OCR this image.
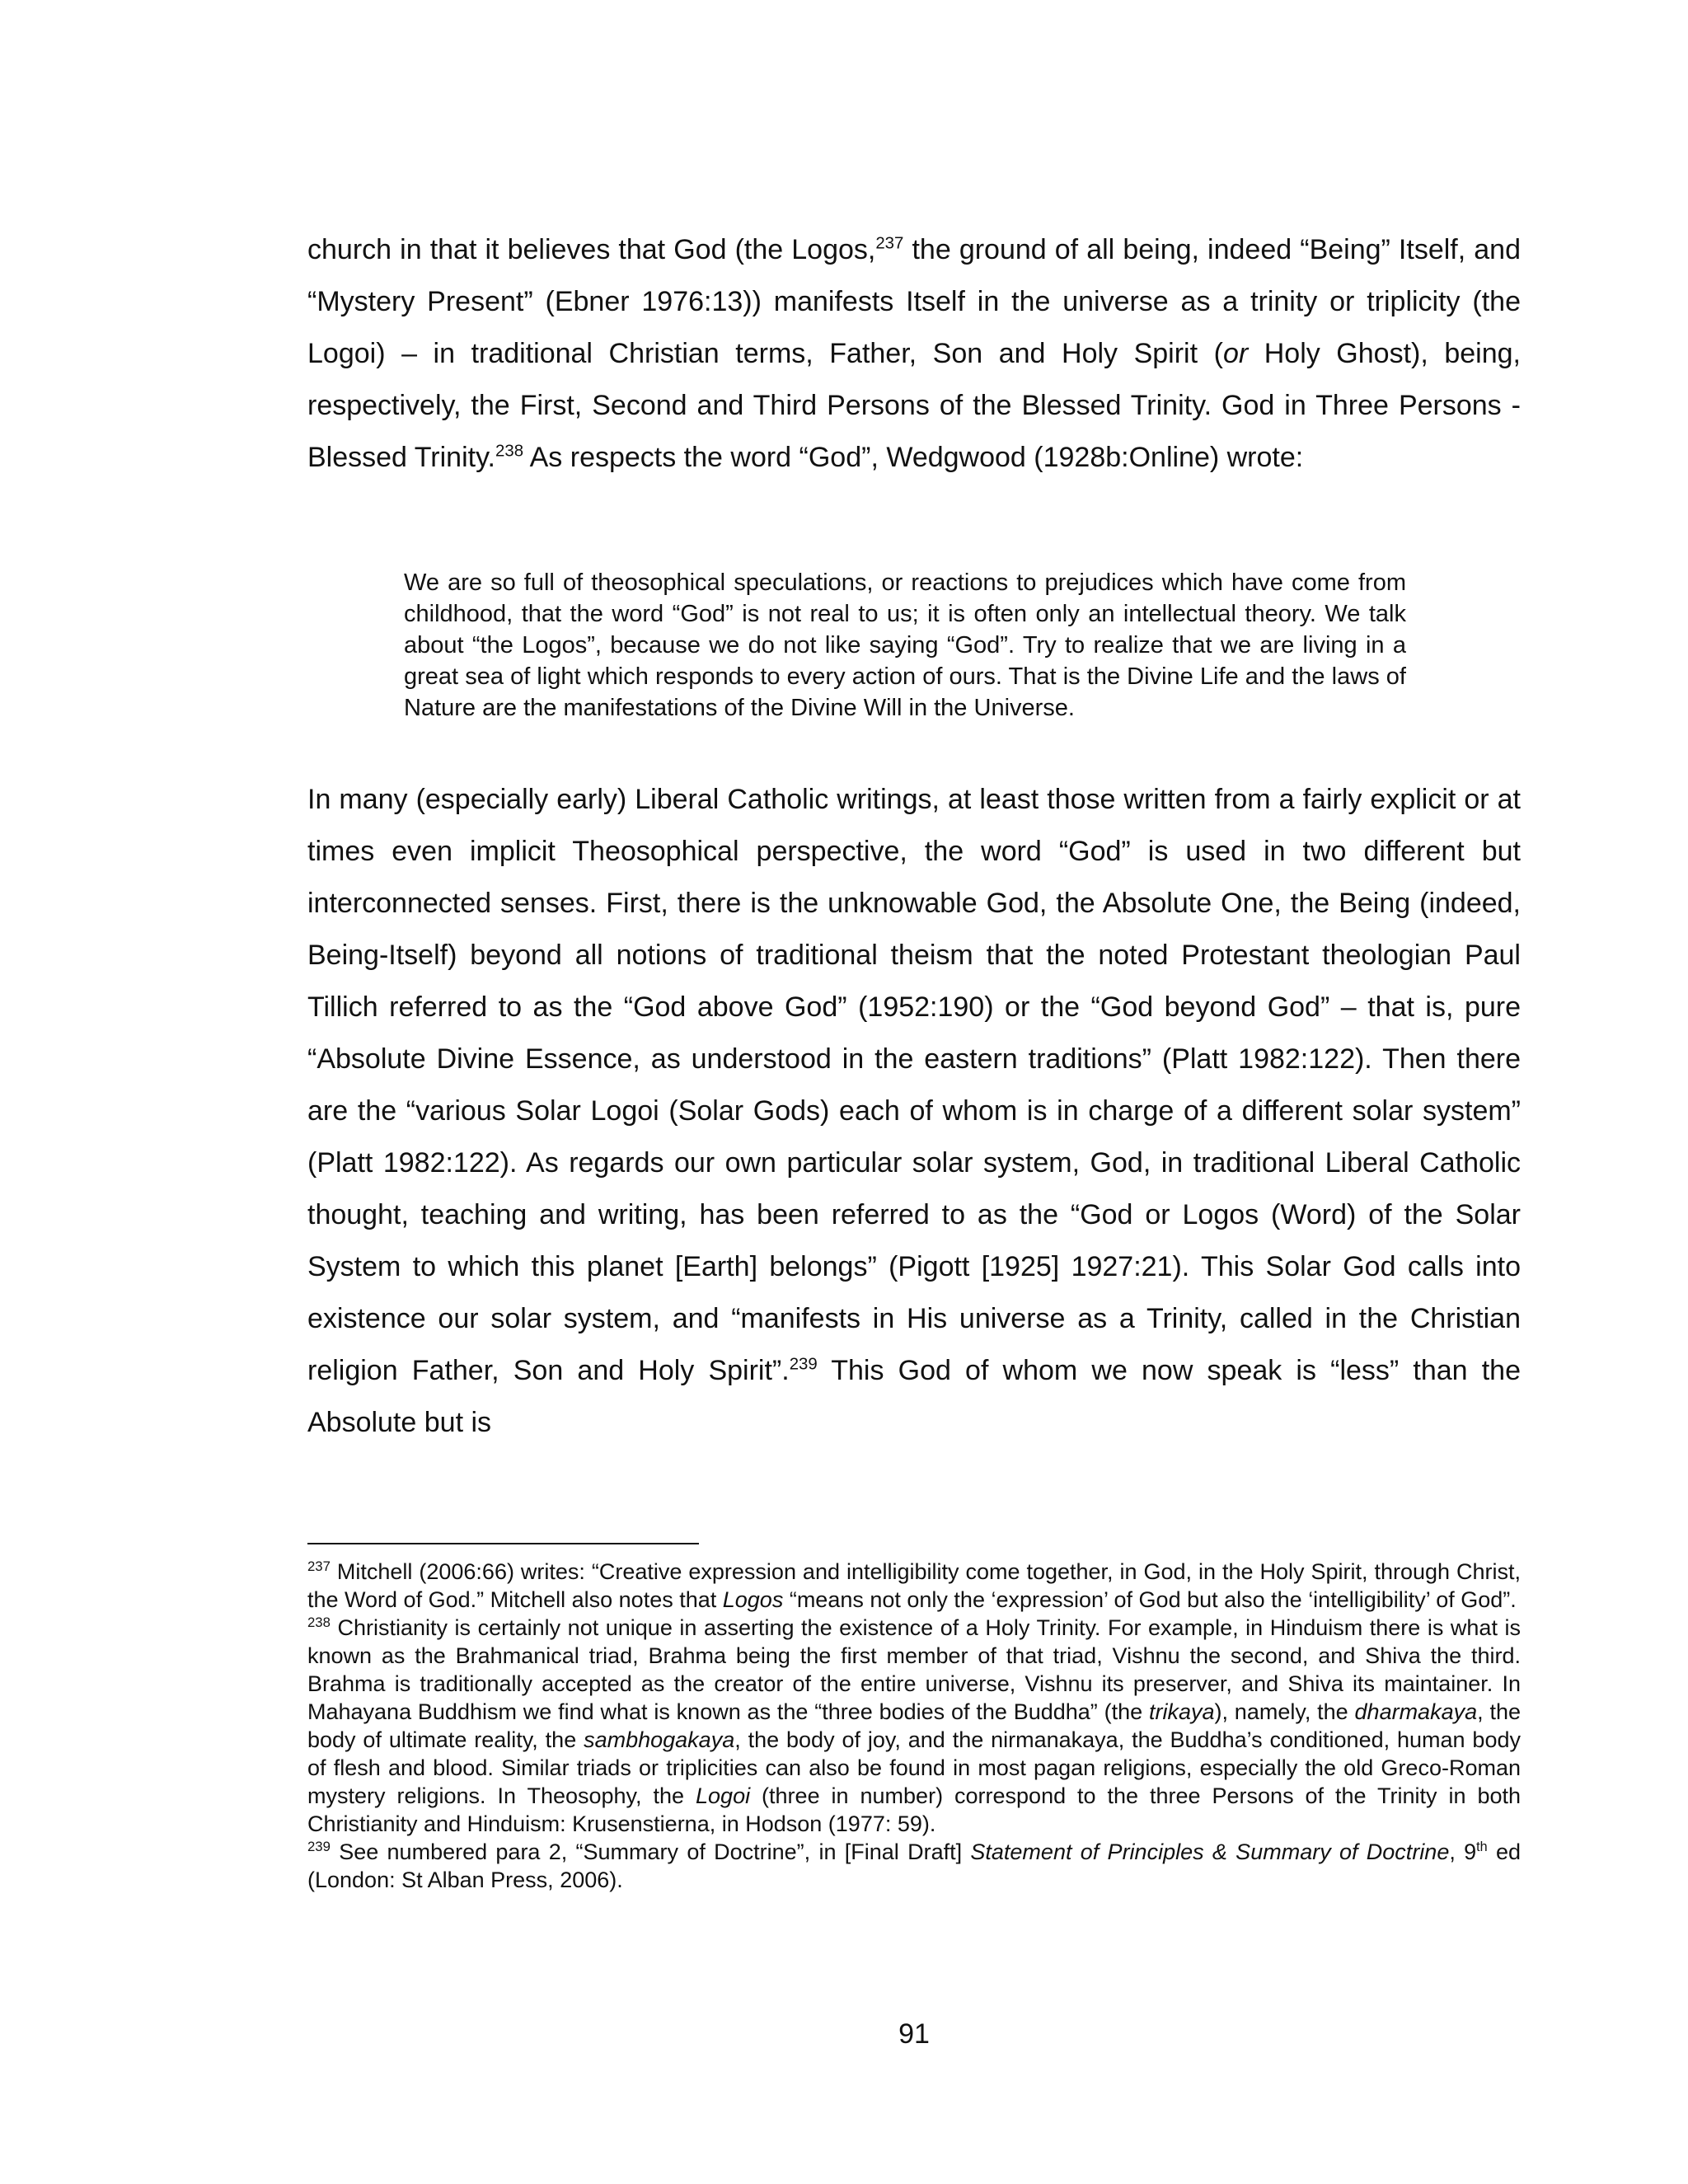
church in that it believes that God (the Logos,$^{237}$ the ground of all being, indeed “Being” Itself, and “Mystery Present” (Ebner 1976:13)) manifests Itself in the universe as a trinity or triplicity (the Logoi) – in traditional Christian terms, Father, Son and Holy Spirit (or Holy Ghost), being, respectively, the First, Second and Third Persons of the Blessed Trinity. God in Three Persons - Blessed Trinity.$^{238}$ As respects the word “God”, Wedgwood (1928b:Online) wrote:

We are so full of theosophical speculations, or reactions to prejudices which have come from childhood, that the word “God” is not real to us; it is often only an intellectual theory. We talk about “the Logos”, because we do not like saying “God”. Try to realize that we are living in a great sea of light which responds to every action of ours. That is the Divine Life and the laws of Nature are the manifestations of the Divine Will in the Universe.

In many (especially early) Liberal Catholic writings, at least those written from a fairly explicit or at times even implicit Theosophical perspective, the word “God” is used in two different but interconnected senses. First, there is the unknowable God, the Absolute One, the Being (indeed, Being-Itself) beyond all notions of traditional theism that the noted Protestant theologian Paul Tillich referred to as the “God above God” (1952:190) or the “God beyond God” – that is, pure “Absolute Divine Essence, as understood in the eastern traditions” (Platt 1982:122). Then there are the “various Solar Logoi (Solar Gods) each of whom is in charge of a different solar system” (Platt 1982:122). As regards our own particular solar system, God, in traditional Liberal Catholic thought, teaching and writing, has been referred to as the “God or Logos (Word) of the Solar System to which this planet [Earth] belongs” (Pigott [1925] 1927:21). This Solar God calls into existence our solar system, and “manifests in His universe as a Trinity, called in the Christian religion Father, Son and Holy Spirit”.$^{239}$ This God of whom we now speak is “less” than the Absolute but is

$^{237}$ Mitchell (2006:66) writes: “Creative expression and intelligibility come together, in God, in the Holy Spirit, through Christ, the Word of God.” Mitchell also notes that Logos “means not only the ‘expression’ of God but also the ‘intelligibility’ of God”.

$^{238}$ Christianity is certainly not unique in asserting the existence of a Holy Trinity. For example, in Hinduism there is what is known as the Brahmanical triad, Brahma being the first member of that triad, Vishnu the second, and Shiva the third. Brahma is traditionally accepted as the creator of the entire universe, Vishnu its preserver, and Shiva its maintainer. In Mahayana Buddhism we find what is known as the “three bodies of the Buddha” (the trikaya), namely, the dharmakaya, the body of ultimate reality, the sambhogakaya, the body of joy, and the nirmanakaya, the Buddha’s conditioned, human body of flesh and blood. Similar triads or triplicities can also be found in most pagan religions, especially the old Greco-Roman mystery religions. In Theosophy, the Logoi (three in number) correspond to the three Persons of the Trinity in both Christianity and Hinduism: Krusenstierna, in Hodson (1977: 59).

$^{239}$ See numbered para 2, “Summary of Doctrine”, in [Final Draft] Statement of Principles & Summary of Doctrine, 9th ed (London: St Alban Press, 2006).

91
